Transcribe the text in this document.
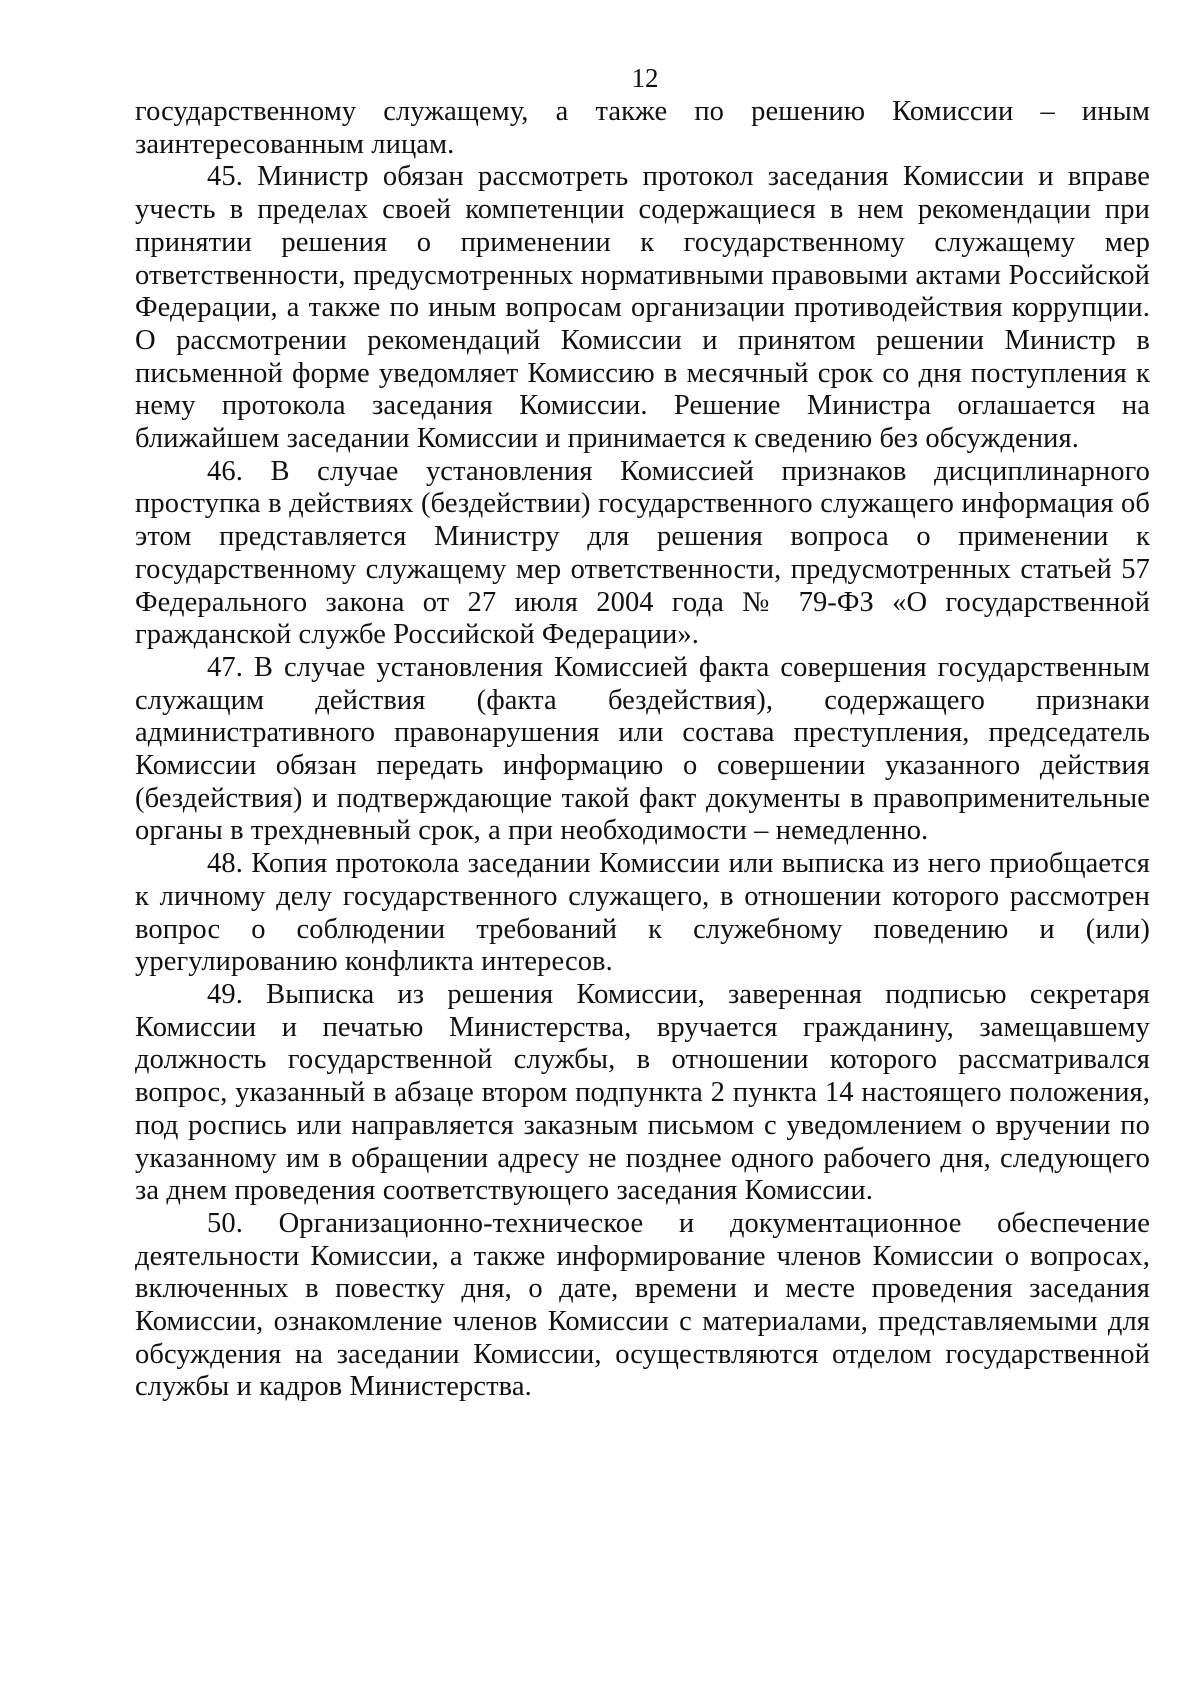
12

государственному служащему, а также по решению Комиссии – иным заинтересованным лицам.

45. Министр обязан рассмотреть протокол заседания Комиссии и вправе учесть в пределах своей компетенции содержащиеся в нем рекомендации при принятии решения о применении к государственному служащему мер ответственности, предусмотренных нормативными правовыми актами Российской Федерации, а также по иным вопросам организации противодействия коррупции. О рассмотрении рекомендаций Комиссии и принятом решении Министр в письменной форме уведомляет Комиссию в месячный срок со дня поступления к нему протокола заседания Комиссии. Решение Министра оглашается на ближайшем заседании Комиссии и принимается к сведению без обсуждения.

46. В случае установления Комиссией признаков дисциплинарного проступка в действиях (бездействии) государственного служащего информация об этом представляется Министру для решения вопроса о применении к государственному служащему мер ответственности, предусмотренных статьей 57 Федерального закона от 27 июля 2004 года № 79-ФЗ «О государственной гражданской службе Российской Федерации».

47. В случае установления Комиссией факта совершения государственным служащим действия (факта бездействия), содержащего признаки административного правонарушения или состава преступления, председатель Комиссии обязан передать информацию о совершении указанного действия (бездействия) и подтверждающие такой факт документы в правоприменительные органы в трехдневный срок, а при необходимости – немедленно.

48. Копия протокола заседании Комиссии или выписка из него приобщается к личному делу государственного служащего, в отношении которого рассмотрен вопрос о соблюдении требований к служебному поведению и (или) урегулированию конфликта интересов.

49. Выписка из решения Комиссии, заверенная подписью секретаря Комиссии и печатью Министерства, вручается гражданину, замещавшему должность государственной службы, в отношении которого рассматривался вопрос, указанный в абзаце втором подпункта 2 пункта 14 настоящего положения, под роспись или направляется заказным письмом с уведомлением о вручении по указанному им в обращении адресу не позднее одного рабочего дня, следующего за днем проведения соответствующего заседания Комиссии.

50. Организационно-техническое и документационное обеспечение деятельности Комиссии, а также информирование членов Комиссии о вопросах, включенных в повестку дня, о дате, времени и месте проведения заседания Комиссии, ознакомление членов Комиссии с материалами, представляемыми для обсуждения на заседании Комиссии, осуществляются отделом государственной службы и кадров Министерства.
